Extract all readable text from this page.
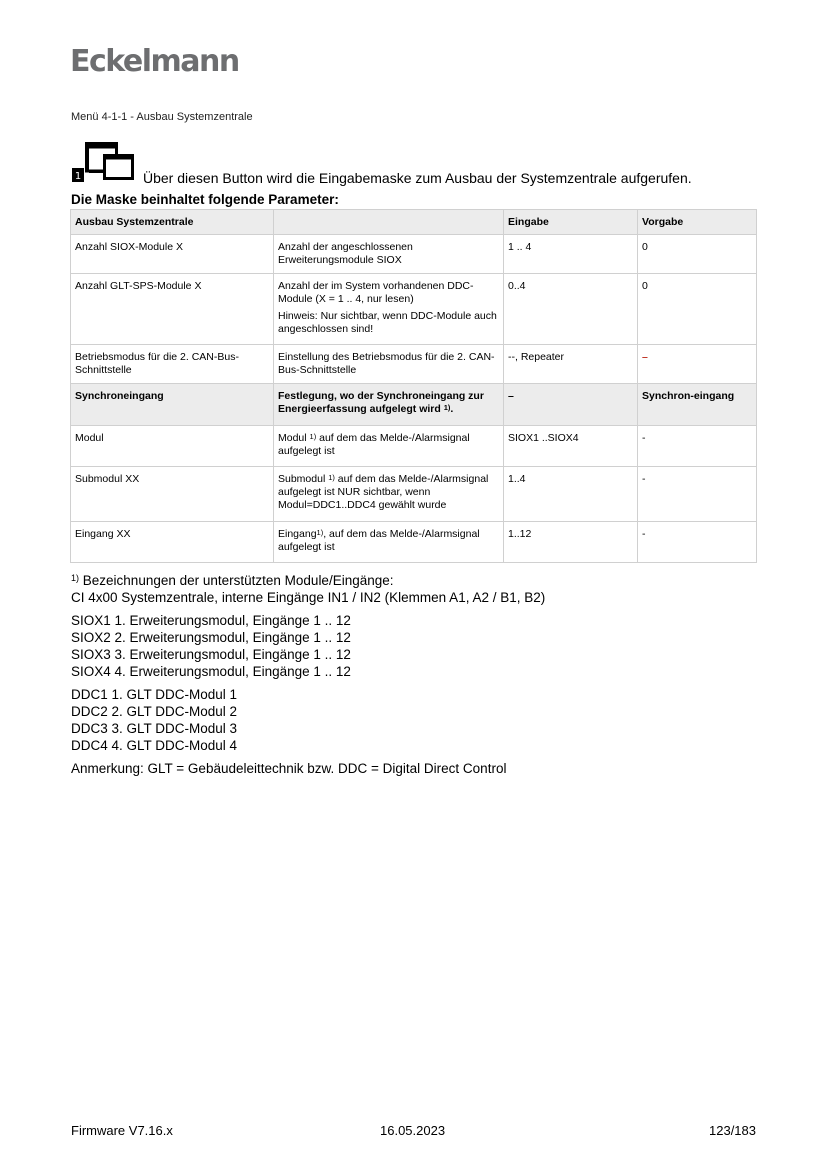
Eckelmann
Menü 4-1-1 - Ausbau Systemzentrale
1	Über diesen Button wird die Eingabemaske zum Ausbau der Systemzentrale aufgerufen.
Die Maske beinhaltet folgende Parameter:
Ausbau Systemzentrale		Eingabe	Vorgabe
Anzahl SIOX-Module X	Anzahl der angeschlossenen Erweiterungsmodule SIOX	1 .. 4	0
Anzahl GLT-SPS-Module X	Anzahl der im System vorhandenen DDC-Module (X = 1 .. 4, nur lesen)
Hinweis: Nur sichtbar, wenn DDC-Module auch angeschlossen sind!	0..4	0
Betriebsmodus für die 2. CAN-Bus-Schnittstelle	Einstellung des Betriebsmodus für die 2. CAN-Bus-Schnittstelle	--, Repeater	–
Synchroneingang	Festlegung, wo der Synchroneingang zur Energieerfassung aufgelegt wird $^{1)}$.	–	Synchron-eingang
Modul	Modul $^{1)}$ auf dem das Melde-/Alarmsignal aufgelegt ist	SIOX1 ..SIOX4	-
Submodul XX	Submodul $^{1)}$ auf dem das Melde-/Alarmsignal aufgelegt ist NUR sichtbar, wenn Modul=DDC1..DDC4 gewählt wurde	1..4	-
Eingang XX	Eingang$^{1)}$, auf dem das Melde-/Alarmsignal aufgelegt ist	1..12	-
$^{1)}$ Bezeichnungen der unterstützten Module/Eingänge:
CI 4x00 Systemzentrale, interne Eingänge IN1 / IN2 (Klemmen A1, A2 / B1, B2)
SIOX1 1. Erweiterungsmodul, Eingänge 1 .. 12
SIOX2 2. Erweiterungsmodul, Eingänge 1 .. 12
SIOX3 3. Erweiterungsmodul, Eingänge 1 .. 12
SIOX4 4. Erweiterungsmodul, Eingänge 1 .. 12
DDC1 1. GLT DDC-Modul 1
DDC2 2. GLT DDC-Modul 2
DDC3 3. GLT DDC-Modul 3
DDC4 4. GLT DDC-Modul 4
Anmerkung: GLT = Gebäudeleittechnik bzw. DDC = Digital Direct Control
Firmware V7.16.x	16.05.2023	123/183
